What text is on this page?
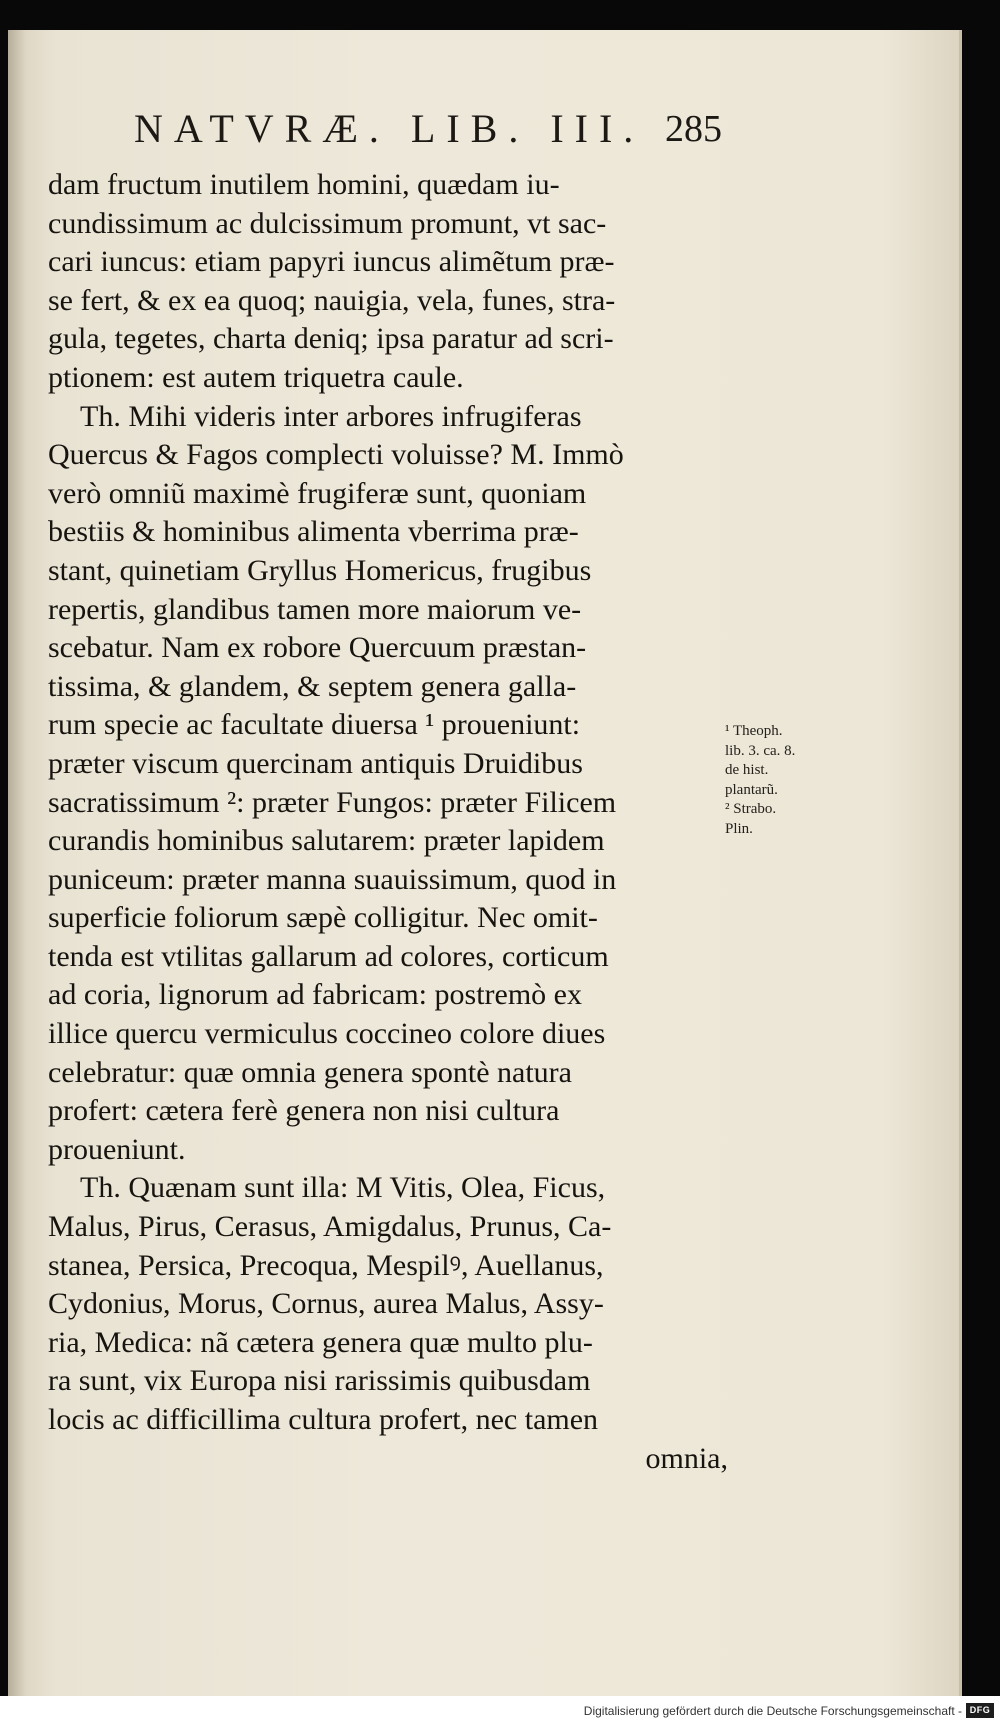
NATVRÆ. LIB. III. 285
dam fructum inutilem homini, quædam iu-
cundissimum ac dulcissimum promunt, vt sac-
cari iuncus: etiam papyri iuncus alimẽtum præ-
se fert, & ex ea quoq; nauigia, vela, funes, stra-
gula, tegetes, charta deniq; ipsa paratur ad scri-
ptionem: est autem triquetra caule.
Th. Mihi videris inter arbores infrugiferas
Quercus & Fagos complecti voluisse? M. Immò
verò omniũ maximè frugiferæ sunt, quoniam
bestiis & hominibus alimenta vberrima præ-
stant, quinetiam Gryllus Homericus, frugibus
repertis, glandibus tamen more maiorum ve-
scebatur. Nam ex robore Quercuum præstan-
tissima, & glandem, & septem genera galla-
rum specie ac facultate diuersa ¹ proueniunt:
præter viscum quercinam antiquis Druidibus
sacratissimum ²: præter Fungos: præter Filicem
curandis hominibus salutarem: præter lapidem
puniceum: præter manna suauissimum, quod in
superficie foliorum sæpè colligitur. Nec omit-
tenda est vtilitas gallarum ad colores, corticum
ad coria, lignorum ad fabricam: postremò ex
illice quercu vermiculus coccineo colore diues
celebratur: quæ omnia genera spontè natura
profert: cætera ferè genera non nisi cultura
proueniunt.
Th. Quænam sunt illa: M Vitis, Olea, Ficus,
Malus, Pirus, Cerasus, Amigdalus, Prunus, Ca-
stanea, Persica, Precoqua, Mespilꝰ, Auellanus,
Cydonius, Morus, Cornus, aurea Malus, Assy-
ria, Medica: nã cætera genera quæ multo plu-
ra sunt, vix Europa nisi rarissimis quibusdam
locis ac difficillima cultura profert, nec tamen
omnia,
¹ Theoph.
lib. 3. ca. 8.
de hist.
plantarũ.
² Strabo.
Plin.
Digitalisierung gefördert durch die Deutsche Forschungsgemeinschaft - DFG
